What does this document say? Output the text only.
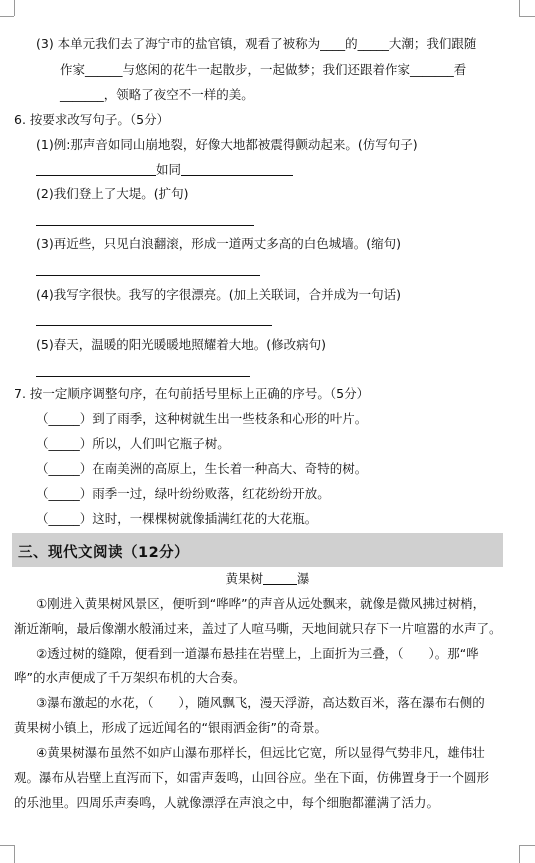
(3) 本单元我们去了海宁市的盐官镇，观看了被称为____的_____大潮；我们跟随
作家______与悠闲的花牛一起散步，一起做梦；我们还跟着作家_______看
_______，领略了夜空不一样的美。
6. 按要求改写句子。（5分）
(1)例:那声音如同山崩地裂，好像大地都被震得颤动起来。(仿写句子)
如同
(2)我们登上了大堤。(扩句)
(3)再近些，只见白浪翻滚，形成一道两丈多高的白色城墙。(缩句)
(4)我写字很快。我写的字很漂亮。(加上关联词，合并成为一句话)
(5)春天，温暖的阳光暖暖地照耀着大地。(修改病句)
7. 按一定顺序调整句序，在句前括号里标上正确的序号。（5分）
（_____）到了雨季，这种树就生出一些枝条和心形的叶片。
（_____）所以，人们叫它瓶子树。
（_____）在南美洲的高原上，生长着一种高大、奇特的树。
（_____）雨季一过，绿叶纷纷败落，红花纷纷开放。
（_____）这时，一棵棵树就像插满红花的大花瓶。
三、现代文阅读（12分）
黄果树	瀑
①刚进入黄果树风景区，便听到“哗哗”的声音从远处飘来，就像是微风拂过树梢，
渐近渐响，最后像潮水般涌过来，盖过了人喧马嘶，天地间就只存下一片喧嚣的水声了。
②透过树的缝隙，便看到一道瀑布悬挂在岩壁上，上面折为三叠，（　　）。那“哗
哗”的水声便成了千万架织布机的大合奏。
③瀑布激起的水花，（　　），随风飘飞，漫天浮游，高达数百米，落在瀑布右侧的
黄果树小镇上，形成了远近闻名的“银雨洒金街”的奇景。
④黄果树瀑布虽然不如庐山瀑布那样长，但远比它宽，所以显得气势非凡，雄伟壮
观。瀑布从岩壁上直泻而下，如雷声轰鸣，山回谷应。坐在下面，仿佛置身于一个圆形
的乐池里。四周乐声奏鸣，人就像漂浮在声浪之中，每个细胞都灌满了活力。
